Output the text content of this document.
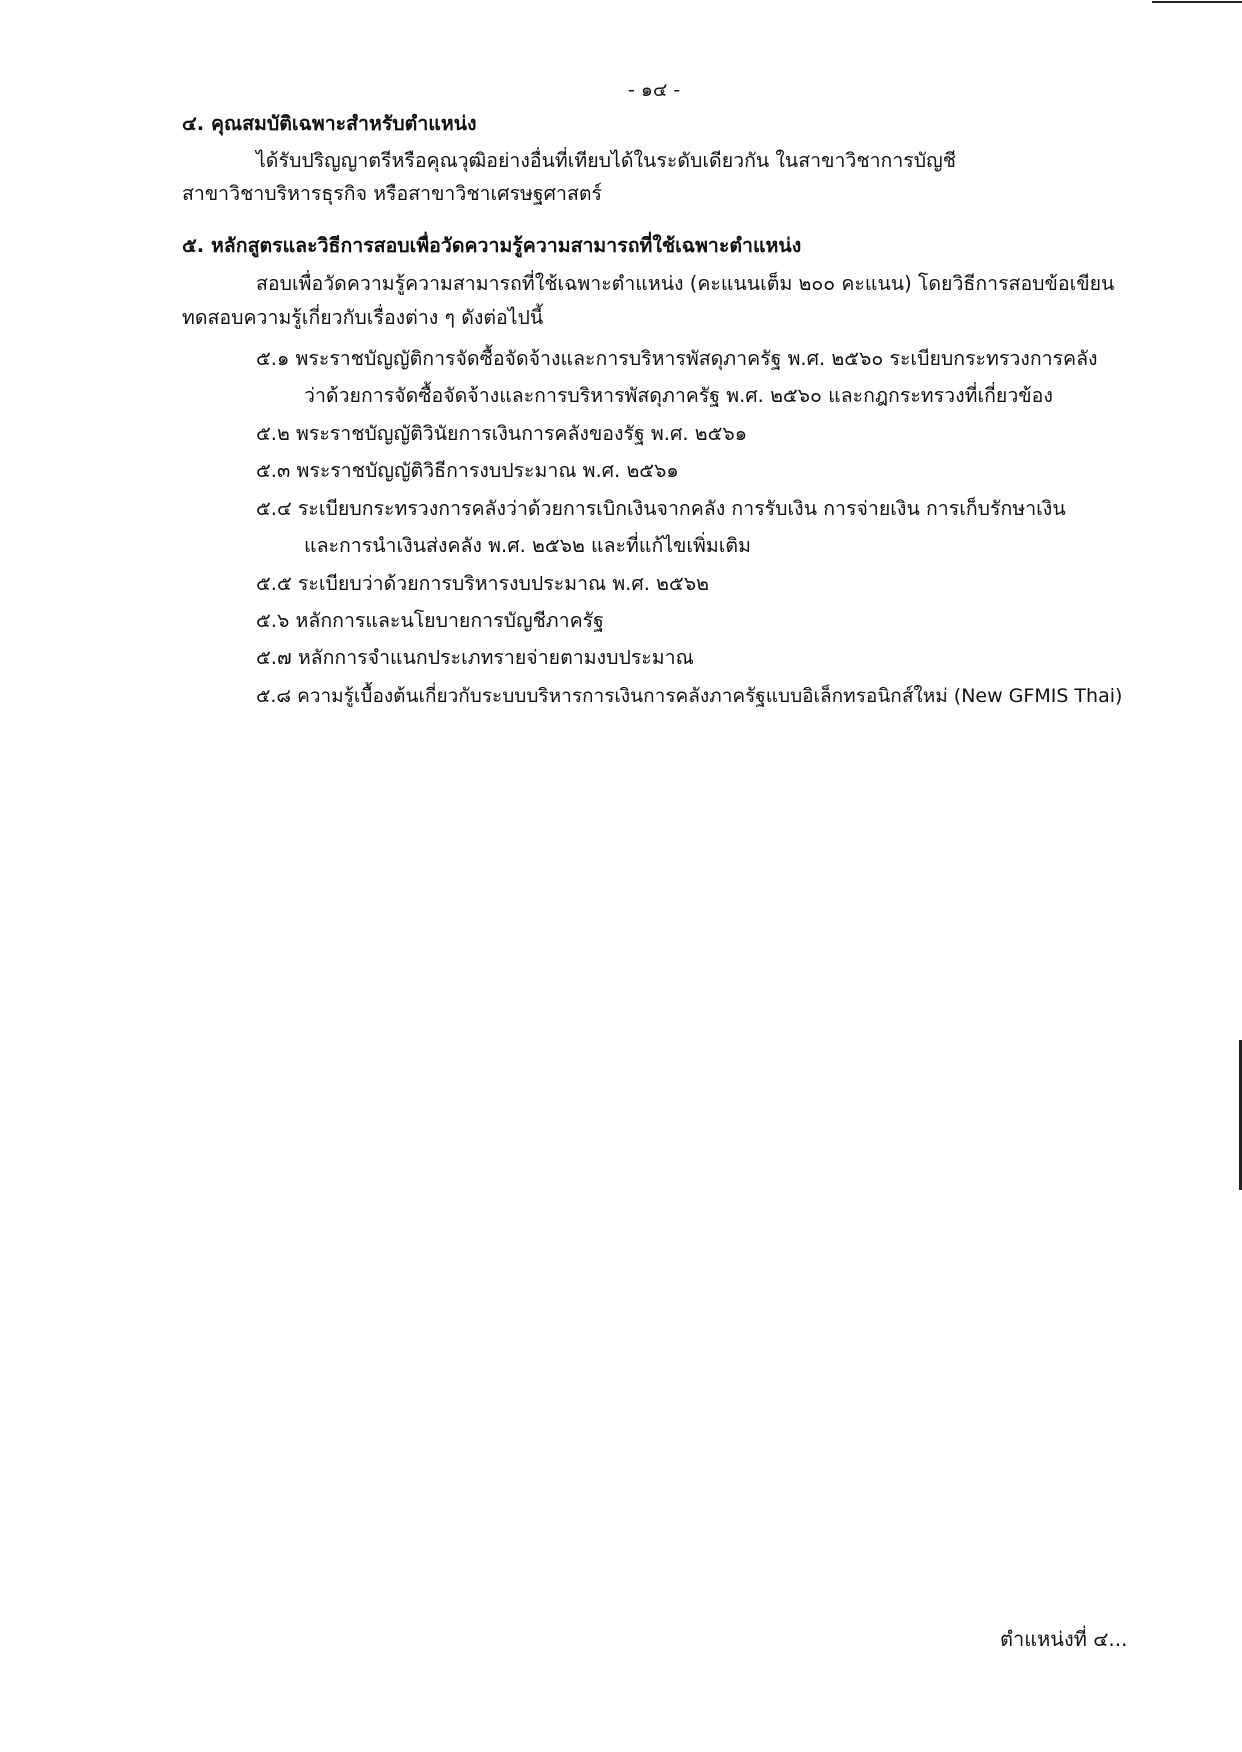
- ๑๔ -
๔. คุณสมบัติเฉพาะสำหรับตำแหน่ง
ได้รับปริญญาตรีหรือคุณวุฒิอย่างอื่นที่เทียบได้ในระดับเดียวกัน ในสาขาวิชาการบัญชี
สาขาวิชาบริหารธุรกิจ หรือสาขาวิชาเศรษฐศาสตร์
๕. หลักสูตรและวิธีการสอบเพื่อวัดความรู้ความสามารถที่ใช้เฉพาะตำแหน่ง
สอบเพื่อวัดความรู้ความสามารถที่ใช้เฉพาะตำแหน่ง (คะแนนเต็ม ๒๐๐ คะแนน) โดยวิธีการสอบข้อเขียน
ทดสอบความรู้เกี่ยวกับเรื่องต่าง ๆ ดังต่อไปนี้
๕.๑ พระราชบัญญัติการจัดซื้อจัดจ้างและการบริหารพัสดุภาครัฐ พ.ศ. ๒๕๖๐ ระเบียบกระทรวงการคลัง
ว่าด้วยการจัดซื้อจัดจ้างและการบริหารพัสดุภาครัฐ พ.ศ. ๒๕๖๐ และกฎกระทรวงที่เกี่ยวข้อง
๕.๒ พระราชบัญญัติวินัยการเงินการคลังของรัฐ พ.ศ. ๒๕๖๑
๕.๓ พระราชบัญญัติวิธีการงบประมาณ พ.ศ. ๒๕๖๑
๕.๔ ระเบียบกระทรวงการคลังว่าด้วยการเบิกเงินจากคลัง การรับเงิน การจ่ายเงิน การเก็บรักษาเงิน
และการนำเงินส่งคลัง พ.ศ. ๒๕๖๒ และที่แก้ไขเพิ่มเติม
๕.๕ ระเบียบว่าด้วยการบริหารงบประมาณ พ.ศ. ๒๕๖๒
๕.๖ หลักการและนโยบายการบัญชีภาครัฐ
๕.๗ หลักการจำแนกประเภทรายจ่ายตามงบประมาณ
๕.๘ ความรู้เบื้องต้นเกี่ยวกับระบบบริหารการเงินการคลังภาครัฐแบบอิเล็กทรอนิกส์ใหม่ (New GFMIS Thai)
ตำแหน่งที่ ๔...
